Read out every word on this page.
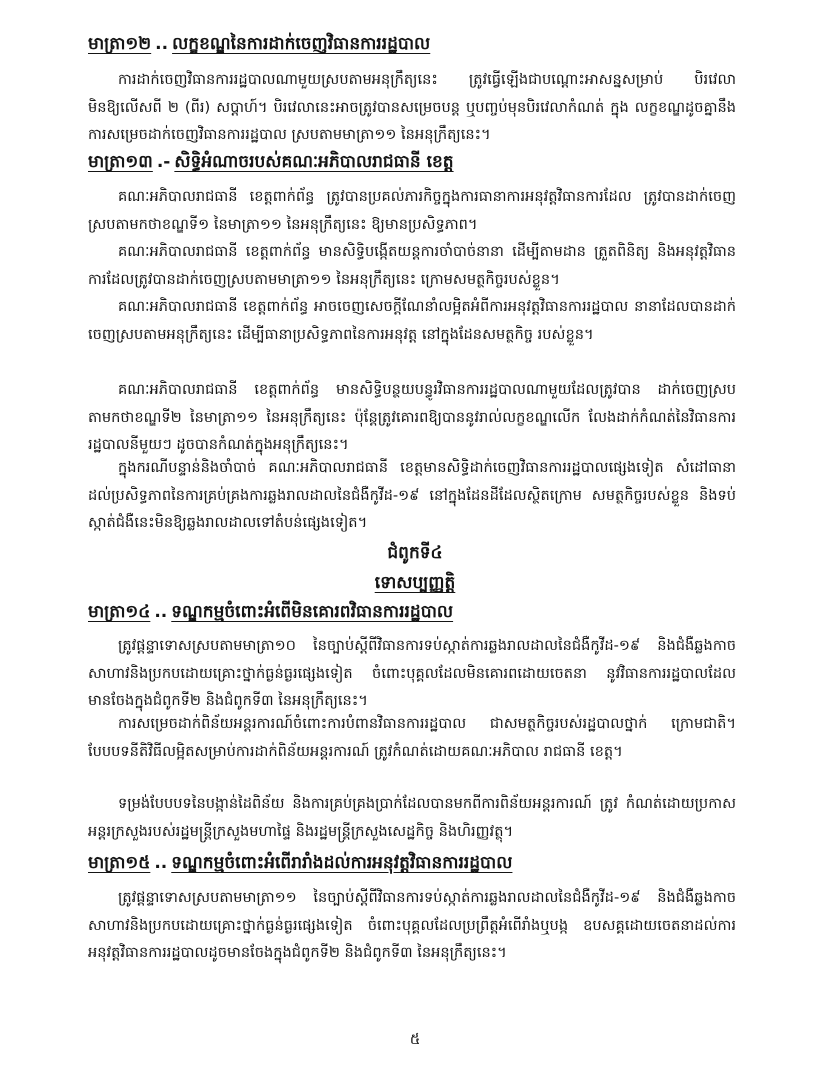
មាត្រា១២ .. លក្ខខណ្ឌនៃការដាក់ចេញវិធានការរដ្ឋបាល

ការដាក់ចេញវិធានការរដ្ឋបាលណាមួយស្របតាមអនុក្រឹត្យនេះ ត្រូវធ្វើឡើងជាបណ្តោះអាសន្នសម្រាប់ បិរវេលាមិនឱ្យលើសពី ២ (ពីរ) សប្តាហ៍។ បិរវេលានេះអាចត្រូវបានសម្រេចបន្ត ឬបញ្ចប់មុនបិរវេលាកំណត់ ក្នុង លក្ខខណ្ឌដូចគ្នានឹងការសម្រេចដាក់ចេញវិធានការរដ្ឋបាល ស្របតាមមាត្រា១១ នៃអនុក្រឹត្យនេះ។

មាត្រា១៣ .- សិទ្ធិអំណាចរបស់គណៈអភិបាលរាជធានី ខេត្ត

គណៈអភិបាលរាជធានី ខេត្តពាក់ព័ន្ធ ត្រូវបានប្រគល់ភារកិច្ចក្នុងការធានាការអនុវត្តវិធានការដែល ត្រូវបានដាក់ចេញស្របតាមកថាខណ្ឌទី១ នៃមាត្រា១១ នៃអនុក្រឹត្យនេះ ឱ្យមានប្រសិទ្ធភាព។

គណៈអភិបាលរាជធានី ខេត្តពាក់ព័ន្ធ មានសិទ្ធិបង្កើតយន្តការចាំបាច់នានា ដើម្បីតាមដាន ត្រួតពិនិត្យ និងអនុវត្តវិធានការដែលត្រូវបានដាក់ចេញស្របតាមមាត្រា១១ នៃអនុក្រឹត្យនេះ ក្រោមសមត្ថកិច្ចរបស់ខ្លួន។

គណៈអភិបាលរាជធានី ខេត្តពាក់ព័ន្ធ អាចចេញសេចក្តីណែនាំលម្អិតអំពីការអនុវត្តវិធានការរដ្ឋបាល នានាដែលបានដាក់ចេញស្របតាមអនុក្រឹត្យនេះ ដើម្បីធានាប្រសិទ្ធភាពនៃការអនុវត្ត នៅក្នុងដែនសមត្ថកិច្ច របស់ខ្លួន។

គណៈអភិបាលរាជធានី ខេត្តពាក់ព័ន្ធ មានសិទ្ធិបន្ថយបន្ធូរវិធានការរដ្ឋបាលណាមួយដែលត្រូវបាន ដាក់ចេញស្របតាមកថាខណ្ឌទី២ នៃមាត្រា១១ នៃអនុក្រឹត្យនេះ ប៉ុន្តែត្រូវគោរពឱ្យបាននូវរាល់លក្ខខណ្ឌលើក លែងដាក់កំណត់នៃវិធានការរដ្ឋបាលនីមួយៗ ដូចបានកំណត់ក្នុងអនុក្រឹត្យនេះ។

ក្នុងករណីបន្ទាន់និងចាំបាច់ គណៈអភិបាលរាជធានី ខេត្តមានសិទ្ធិដាក់ចេញវិធានការរដ្ឋបាលផ្សេងទៀត សំដៅធានាដល់ប្រសិទ្ធភាពនៃការគ្រប់គ្រងការឆ្លងរាលដាលនៃជំងឺកូវីដ-១៩ នៅក្នុងដែនដីដែលស្ថិតក្រោម សមត្ថកិច្ចរបស់ខ្លួន និងទប់ស្កាត់ជំងឺនេះមិនឱ្យឆ្លងរាលដាលទៅតំបន់ផ្សេងទៀត។

ជំពូកទី៤
ទោសប្បញ្ញត្តិ
មាត្រា១៤ .. ទណ្ឌកម្មចំពោះអំពើមិនគោរពវិធានការរដ្ឋបាល

ត្រូវផ្តន្ទាទោសស្របតាមមាត្រា១០ នៃច្បាប់ស្តីពីវិធានការទប់ស្កាត់ការឆ្លងរាលដាលនៃជំងឺកូវីដ-១៩ និងជំងឺឆ្លងកាចសាហាវនិងប្រកបដោយគ្រោះថ្នាក់ធ្ងន់ធ្ងរផ្សេងទៀត ចំពោះបុគ្គលដែលមិនគោរពដោយចេតនា នូវវិធានការរដ្ឋបាលដែលមានចែងក្នុងជំពូកទី២ និងជំពូកទី៣ នៃអនុក្រឹត្យនេះ។

ការសម្រេចដាក់ពិន័យអន្តរការណ៍ចំពោះការបំពានវិធានការរដ្ឋបាល ជាសមត្ថកិច្ចរបស់រដ្ឋបាលថ្នាក់ ក្រោមជាតិ។ បែបបទនីតិវិធីលម្អិតសម្រាប់ការដាក់ពិន័យអន្តរការណ៍ ត្រូវកំណត់ដោយគណៈអភិបាល រាជធានី ខេត្ត។

ទម្រង់បែបបទនៃបង្កាន់ដៃពិន័យ និងការគ្រប់គ្រងប្រាក់ដែលបានមកពីការពិន័យអន្តរការណ៍ ត្រូវ កំណត់ដោយប្រកាសអន្តរក្រសួងរបស់រដ្ឋមន្ត្រីក្រសួងមហាផ្ទៃ និងរដ្ឋមន្ត្រីក្រសួងសេដ្ឋកិច្ច និងហិរញ្ញវត្ថុ។

មាត្រា១៥ .. ទណ្ឌកម្មចំពោះអំពើរារាំងដល់ការអនុវត្តវិធានការរដ្ឋបាល

ត្រូវផ្តន្ទាទោសស្របតាមមាត្រា១១ នៃច្បាប់ស្តីពីវិធានការទប់ស្កាត់ការឆ្លងរាលដាលនៃជំងឺកូវីដ-១៩ និងជំងឺឆ្លងកាចសាហាវនិងប្រកបដោយគ្រោះថ្នាក់ធ្ងន់ធ្ងរផ្សេងទៀត ចំពោះបុគ្គលដែលប្រព្រឹត្តអំពើរាំងឬបង្ក ឧបសគ្គដោយចេតនាដល់ការអនុវត្តវិធានការរដ្ឋបាលដូចមានចែងក្នុងជំពូកទី២ និងជំពូកទី៣ នៃអនុក្រឹត្យនេះ។

៥
